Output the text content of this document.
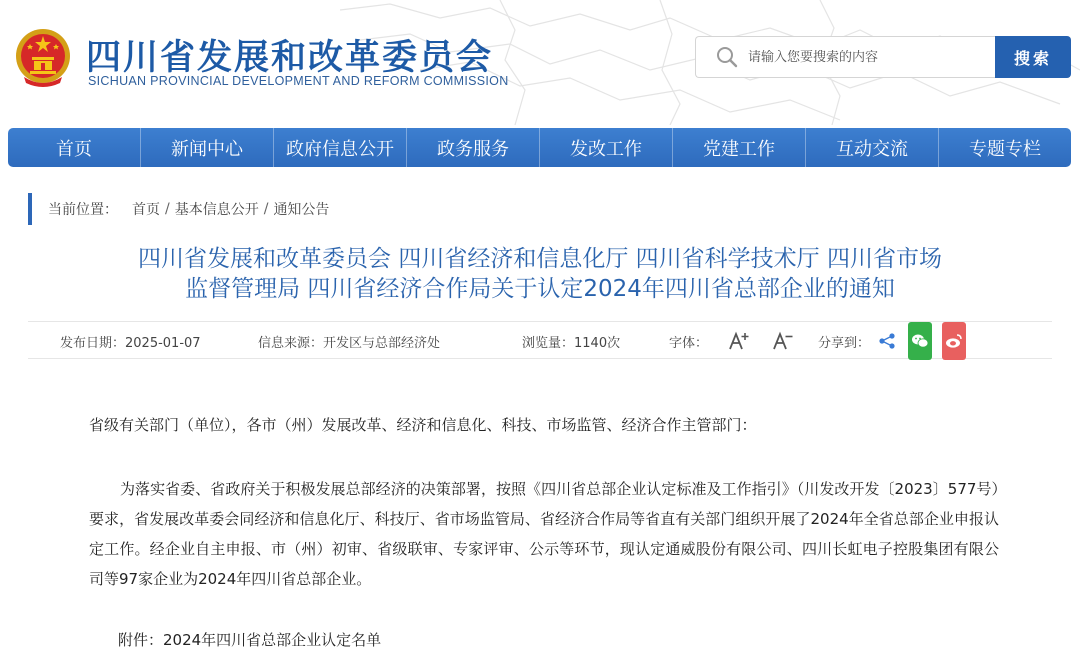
四川省发展和改革委员会
SICHUAN PROVINCIAL DEVELOPMENT AND REFORM COMMISSION
请输入您要搜索的内容
搜索
首页	新闻中心	政府信息公开	政务服务	发改工作	党建工作	互动交流	专题专栏
当前位置： 首页 / 基本信息公开 / 通知公告
四川省发展和改革委员会 四川省经济和信息化厅 四川省科学技术厅 四川省市场
监督管理局 四川省经济合作局关于认定2024年四川省总部企业的通知
发布日期：2025-01-07	信息来源：开发区与总部经济处	浏览量：1140次	字体：	分享到：

省级有关部门（单位），各市（州）发展改革、经济和信息化、科技、市场监管、经济合作主管部门：

为落实省委、省政府关于积极发展总部经济的决策部署，按照《四川省总部企业认定标准及工作指引》（川发改开发〔2023〕577号）要求，省发展改革委会同经济和信息化厅、科技厅、省市场监管局、省经济合作局等省直有关部门组织开展了2024年全省总部企业申报认定工作。经企业自主申报、市（州）初审、省级联审、专家评审、公示等环节，现认定通威股份有限公司、四川长虹电子控股集团有限公司等97家企业为2024年四川省总部企业。

附件：2024年四川省总部企业认定名单
